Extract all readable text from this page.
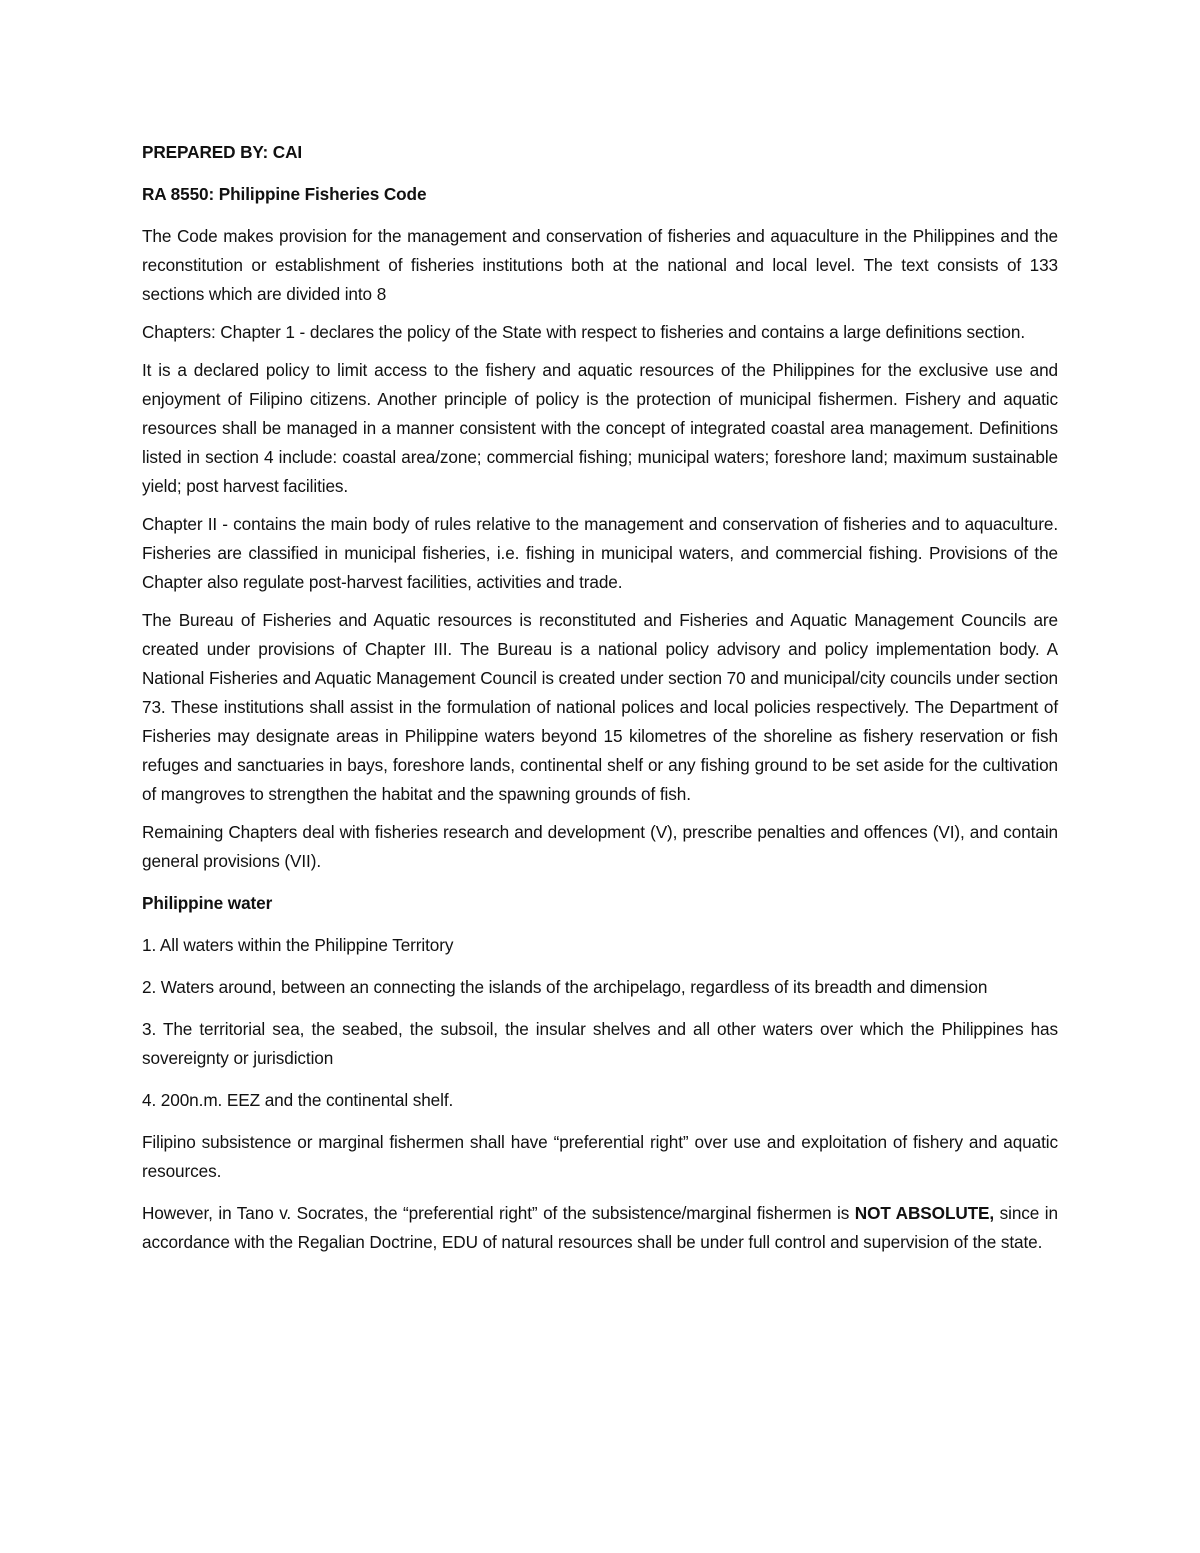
PREPARED BY: CAI

RA 8550: Philippine Fisheries Code

The Code makes provision for the management and conservation of fisheries and aquaculture in the Philippines and the reconstitution or establishment of fisheries institutions both at the national and local level. The text consists of 133 sections which are divided into 8

Chapters: Chapter 1 - declares the policy of the State with respect to fisheries and contains a large definitions section.

It is a declared policy to limit access to the fishery and aquatic resources of the Philippines for the exclusive use and enjoyment of Filipino citizens. Another principle of policy is the protection of municipal fishermen. Fishery and aquatic resources shall be managed in a manner consistent with the concept of integrated coastal area management. Definitions listed in section 4 include: coastal area/zone; commercial fishing; municipal waters; foreshore land; maximum sustainable yield; post harvest facilities.

Chapter II - contains the main body of rules relative to the management and conservation of fisheries and to aquaculture. Fisheries are classified in municipal fisheries, i.e. fishing in municipal waters, and commercial fishing. Provisions of the Chapter also regulate post-harvest facilities, activities and trade.

The Bureau of Fisheries and Aquatic resources is reconstituted and Fisheries and Aquatic Management Councils are created under provisions of Chapter III. The Bureau is a national policy advisory and policy implementation body. A National Fisheries and Aquatic Management Council is created under section 70 and municipal/city councils under section 73. These institutions shall assist in the formulation of national polices and local policies respectively. The Department of Fisheries may designate areas in Philippine waters beyond 15 kilometres of the shoreline as fishery reservation or fish refuges and sanctuaries in bays, foreshore lands, continental shelf or any fishing ground to be set aside for the cultivation of mangroves to strengthen the habitat and the spawning grounds of fish.

Remaining Chapters deal with fisheries research and development (V), prescribe penalties and offences (VI), and contain general provisions (VII).

Philippine water

1. All waters within the Philippine Territory

2. Waters around, between an connecting the islands of the archipelago, regardless of its breadth and dimension

3. The territorial sea, the seabed, the subsoil, the insular shelves and all other waters over which the Philippines has sovereignty or jurisdiction

4. 200n.m. EEZ and the continental shelf.

Filipino subsistence or marginal fishermen shall have “preferential right” over use and exploitation of fishery and aquatic resources.

However, in Tano v. Socrates, the “preferential right” of the subsistence/marginal fishermen is NOT ABSOLUTE, since in accordance with the Regalian Doctrine, EDU of natural resources shall be under full control and supervision of the state.
